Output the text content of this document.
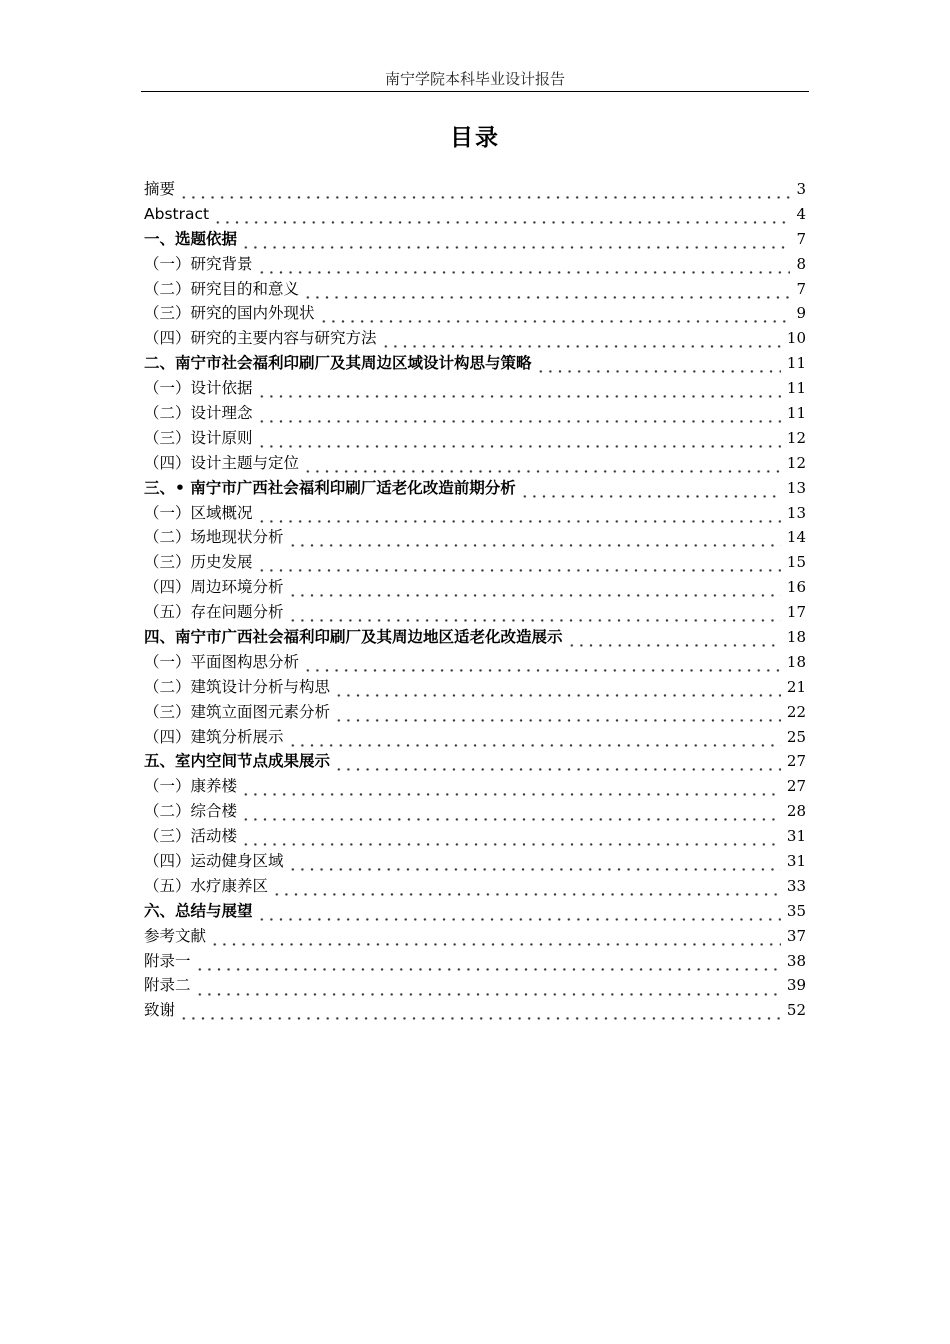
南宁学院本科毕业设计报告
目录
摘要	3
Abstract	4
一、选题依据	7
（一）研究背景	8
（二）研究目的和意义	7
（三）研究的国内外现状	9
（四）研究的主要内容与研究方法	10
二、南宁市社会福利印刷厂及其周边区域设计构思与策略	11
（一）设计依据	11
（二）设计理念	11
（三）设计原则	12
（四）设计主题与定位	12
三、• 南宁市广西社会福利印刷厂适老化改造前期分析	13
（一）区域概况	13
（二）场地现状分析	14
（三）历史发展	15
（四）周边环境分析	16
（五）存在问题分析	17
四、南宁市广西社会福利印刷厂及其周边地区适老化改造展示	18
（一）平面图构思分析	18
（二）建筑设计分析与构思	21
（三）建筑立面图元素分析	22
（四）建筑分析展示	25
五、室内空间节点成果展示	27
（一）康养楼	27
（二）综合楼	28
（三）活动楼	31
（四）运动健身区域	31
（五）水疗康养区	33
六、总结与展望	35
参考文献	37
附录一	38
附录二	39
致谢	52
